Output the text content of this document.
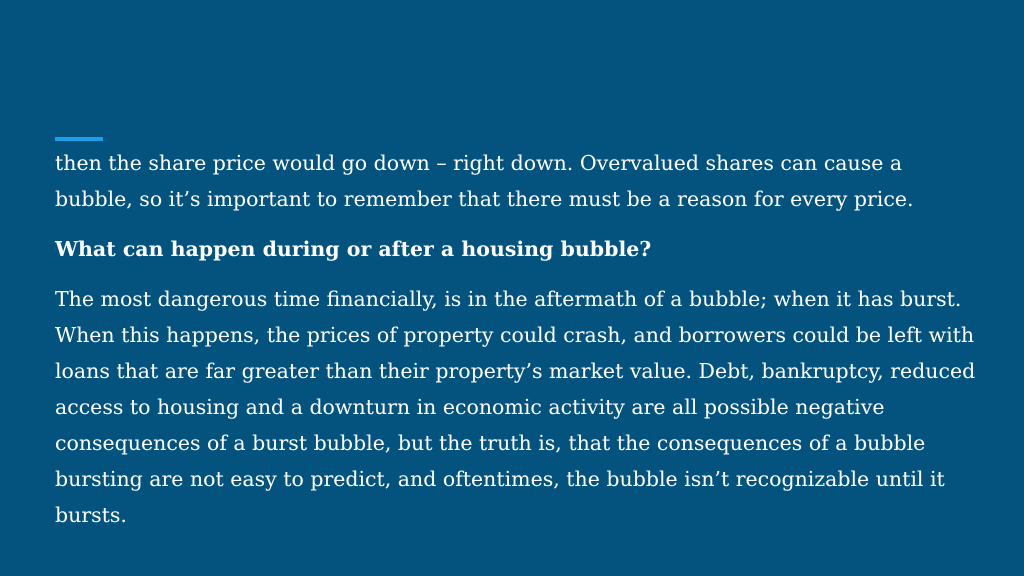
then the share price would go down – right down. Overvalued shares can cause a bubble, so it’s important to remember that there must be a reason for every price.

What can happen during or after a housing bubble?

The most dangerous time financially, is in the aftermath of a bubble; when it has burst. When this happens, the prices of property could crash, and borrowers could be left with loans that are far greater than their property’s market value. Debt, bankruptcy, reduced access to housing and a downturn in economic activity are all possible negative consequences of a burst bubble, but the truth is, that the consequences of a bubble bursting are not easy to predict, and oftentimes, the bubble isn’t recognizable until it bursts.
